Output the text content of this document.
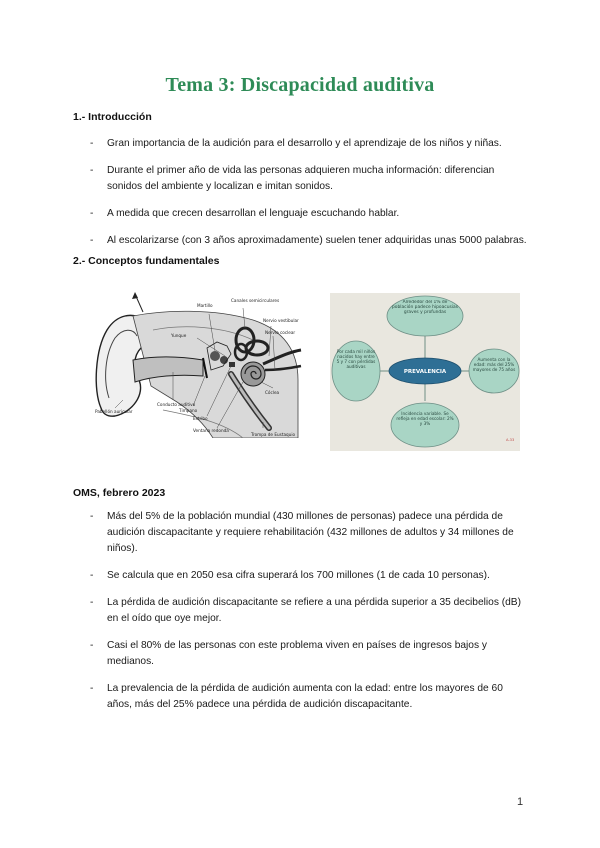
Tema 3: Discapacidad auditiva
1.- Introducción
- Gran importancia de la audición para el desarrollo y el aprendizaje de los niños y niñas.
- Durante el primer año de vida las personas adquieren mucha información: diferencian sonidos del ambiente y localizan e imitan sonidos.
- A medida que crecen desarrollan el lenguaje escuchando hablar.
- Al escolarizarse (con 3 años aproximadamente) suelen tener adquiridas unas 5000 palabras.
2.- Conceptos fundamentales
Martillo
Yunque
Canales semicirculares
Nervio vestibular
Nervio coclear
Cóclea
Pabellón auricular
Conducto auditivo
Tímpano
Estribo
Ventana redonda
Trompa de Eustaquio
PREVALENCIA
Alrededor del 1% de población padece hipoacusias graves y profundas
Por cada mil niños nacidos hay entre 5 y 7 con pérdidas auditivas
Aumenta con la edad: más del 25% mayores de 75 años
Incidencia variable. Se refleja en edad escolar: 2% y 3%
A-33
OMS, febrero 2023
- Más del 5% de la población mundial (430 millones de personas) padece una pérdida de audición discapacitante y requiere rehabilitación (432 millones de adultos y 34 millones de niños).
- Se calcula que en 2050 esa cifra superará los 700 millones (1 de cada 10 personas).
- La pérdida de audición discapacitante se refiere a una pérdida superior a 35 decibelios (dB) en el oído que oye mejor.
- Casi el 80% de las personas con este problema viven en países de ingresos bajos y medianos.
- La prevalencia de la pérdida de audición aumenta con la edad: entre los mayores de 60 años, más del 25% padece una pérdida de audición discapacitante.
1
